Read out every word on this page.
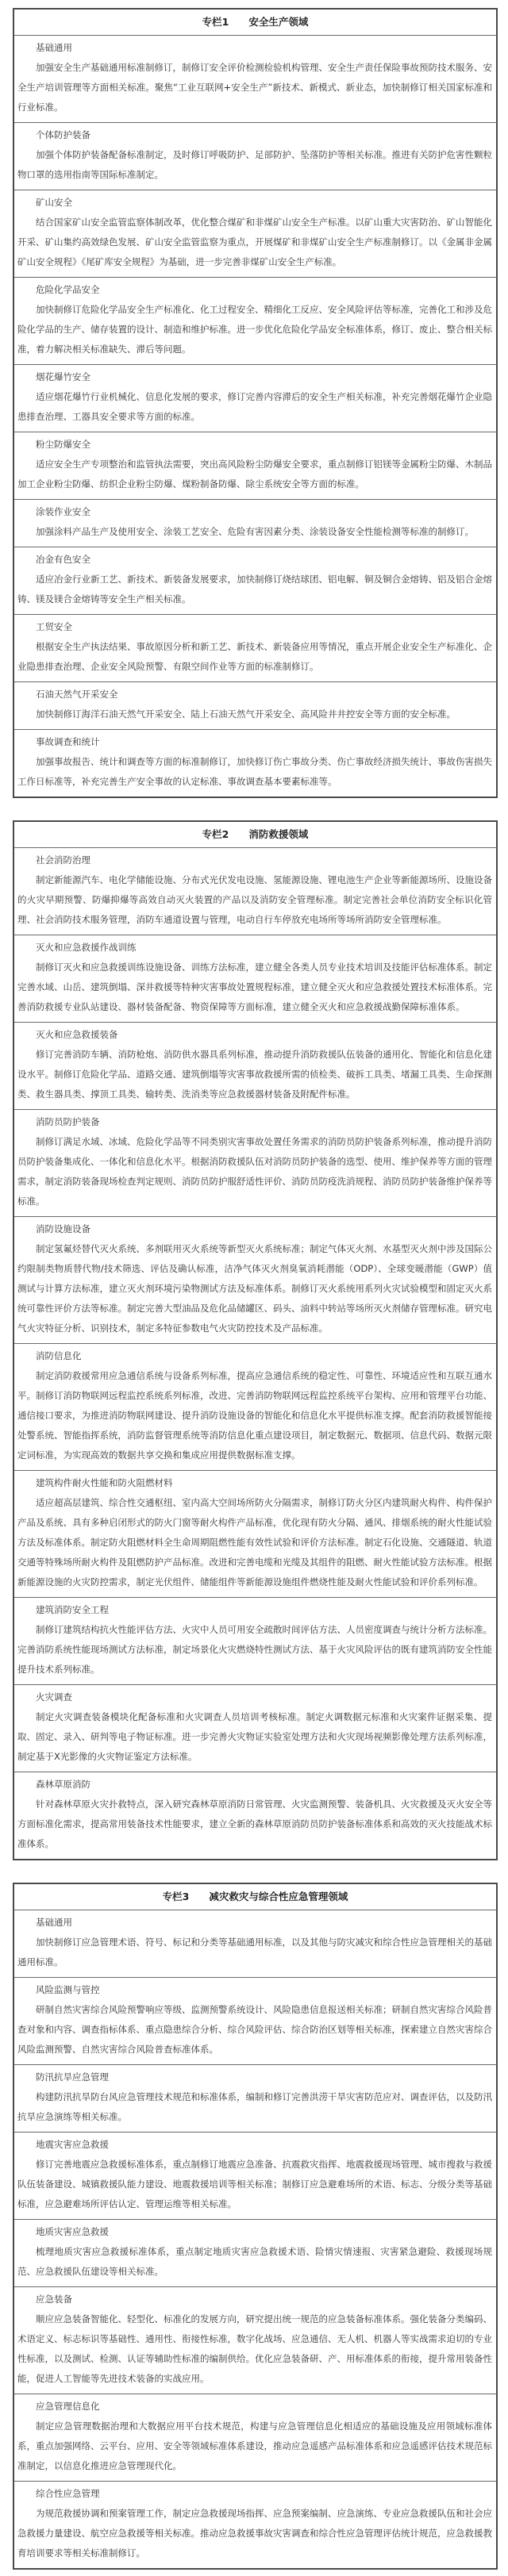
专栏1 安全生产领域
基础通用

加强安全生产基础通用标准制修订，制修订安全评价检测检验机构管理、安全生产责任保险事故预防技术服务、安全生产培训管理等方面相关标准。聚焦“工业互联网+安全生产”新技术、新模式、新业态，加快制修订相关国家标准和行业标准。

个体防护装备

加强个体防护装备配备标准制定，及时修订呼吸防护、足部防护、坠落防护等相关标准。推进有关防护危害性颗粒物口罩的选用指南等国际标准制定。

矿山安全

结合国家矿山安全监管监察体制改革，优化整合煤矿和非煤矿山安全生产标准。以矿山重大灾害防治、矿山智能化开采、矿山集约高效绿色发展、矿山安全监管监察为重点，开展煤矿和非煤矿山安全生产标准制修订。以《金属非金属矿山安全规程》《尾矿库安全规程》为基础，进一步完善非煤矿山安全生产标准。

危险化学品安全

加快制修订危险化学品安全生产标准化、化工过程安全、精细化工反应、安全风险评估等标准，完善化工和涉及危险化学品的生产、储存装置的设计、制造和维护标准。进一步优化危险化学品安全标准体系，修订、废止、整合相关标准，着力解决相关标准缺失、滞后等问题。

烟花爆竹安全

适应烟花爆竹行业机械化、信息化发展的要求，修订完善内容滞后的安全生产相关标准，补充完善烟花爆竹企业隐患排查治理、工器具安全要求等方面的标准。

粉尘防爆安全

适应安全生产专项整治和监管执法需要，突出高风险粉尘防爆安全要求，重点制修订铝镁等金属粉尘防爆、木制品加工企业粉尘防爆、纺织企业粉尘防爆、煤粉制备防爆、除尘系统安全等方面的标准。

涂装作业安全

加强涂料产品生产及使用安全、涂装工艺安全、危险有害因素分类、涂装设备安全性能检测等标准的制修订。

冶金有色安全

适应冶金行业新工艺、新技术、新装备发展要求，加快制修订烧结球团、铝电解、铜及铜合金熔铸、铝及铝合金熔铸、镁及镁合金熔铸等安全生产相关标准。

工贸安全

根据安全生产执法结果、事故原因分析和新工艺、新技术、新装备应用等情况，重点开展企业安全生产标准化、企业隐患排查治理、企业安全风险预警、有限空间作业等方面的标准制修订。

石油天然气开采安全

加快制修订海洋石油天然气开采安全、陆上石油天然气开采安全、高风险井井控安全等方面的安全标准。

事故调查和统计

加强事故报告、统计和调查等方面的标准制修订，加快修订伤亡事故分类、伤亡事故经济损失统计、事故伤害损失工作日标准等，补充完善生产安全事故的认定标准、事故调查基本要素标准等。

专栏2 消防救援领域
社会消防治理

制定新能源汽车、电化学储能设施、分布式光伏发电设施、氢能源设施、锂电池生产企业等新能源场所、设施设备的火灾早期预警、防爆抑爆等高效自动灭火装置的产品以及消防安全管理标准。制定完善社会单位消防安全标识化管理、社会消防技术服务管理，消防车通道设置与管理，电动自行车停放充电场所等场所消防安全管理标准。

灭火和应急救援作战训练

制修订灭火和应急救援训练设施设备、训练方法标准，建立健全各类人员专业技术培训及技能评估标准体系。制定完善水域、山岳、建筑倒塌、深井救援等特种灾害事故处置规程标准，建立健全灭火和应急救援处置技术标准体系。完善消防救援专业队站建设、器材装备配备、物资保障等方面标准，建立健全灭火和应急救援战勤保障标准体系。

灭火和应急救援装备

修订完善消防车辆、消防枪炮、消防供水器具系列标准，推动提升消防救援队伍装备的通用化、智能化和信息化建设水平。制修订危险化学品、道路交通、建筑倒塌等灾害事故救援所需的侦检类、破拆工具类、堵漏工具类、生命探测类、救生器具类、撑顶工具类、输转类、洗消类等应急救援器材装备及附配件标准。

消防员防护装备

制修订满足水域、冰域、危险化学品等不同类别灾害事故处置任务需求的消防员防护装备系列标准，推动提升消防员防护装备集成化、一体化和信息化水平。根据消防救援队伍对消防员防护装备的选型、使用、维护保养等方面的管理需求，制定消防装备现场检查判定规则、消防员防护服舒适性评价、消防员防疫洗消规程、消防员防护装备维护保养等标准。

消防设施设备

制定氢氟烃替代灭火系统、多剂联用灭火系统等新型灭火系统标准；制定气体灭火剂、水基型灭火剂中涉及国际公约限制类物质替代物/技术筛选、评估及确认标准，洁净气体灭火剂臭氧消耗潜能（ODP）、全球变暖潜能（GWP）值测试与计算方法标准，建立灭火剂环境污染物测试方法及标准体系。制修订灭火系统用系列火灾试验模型和固定灭火系统可靠性评价方法等标准。制定完善大型油品及危化品储罐区、码头、油料中转站等场所灭火剂储存管理标准。研究电气火灾特征分析、识别技术，制定多特征参数电气火灾防控技术及产品标准。

消防信息化

制定消防救援常用应急通信系统与设备系列标准，提高应急通信系统的稳定性、可靠性、环境适应性和互联互通水平。制修订消防物联网远程监控系统系列标准，改进、完善消防物联网远程监控系统平台架构、应用和管理平台功能、通信接口要求，为推进消防物联网建设、提升消防设施设备的智能化和信息化水平提供标准支撑。配套消防救援智能接处警系统、智能指挥系统，消防监督管理系统等消防信息化重点建设项目，制定数据元、数据项、信息代码、数据元限定词标准，为实现高效的数据共享交换和集成应用提供数据标准支撑。

建筑构件耐火性能和防火阻燃材料

适应超高层建筑、综合性交通枢纽、室内高大空间场所防火分隔需求，制修订防火分区内建筑耐火构件、构件保护产品及系统、具有多种启闭形式的防火门窗等耐火构件产品标准，优化现有防火分隔、通风、排烟系统的耐火性能试验方法及标准体系。制定防火阻燃材料全生命周期阻燃性能有效性试验和评价方法标准。制定石化设施、交通隧道、轨道交通等特殊场所耐火构件及阻燃防护产品标准。改进和完善电缆和光缆及其组件的阻燃、耐火性能试验方法标准。根据新能源设施的火灾防控需求，制定光伏组件、储能组件等新能源设施组件燃烧性能及耐火性能试验和评价系列标准。

建筑消防安全工程

制修订建筑结构抗火性能评估方法、火灾中人员可用安全疏散时间评估方法、人员密度调查与统计分析方法标准。完善消防系统性能现场测试方法标准，制定场景化火灾燃烧特性测试方法、基于火灾风险评估的既有建筑消防安全性能提升技术系列标准。

火灾调查

制定火灾调查装备模块化配备标准和火灾调查人员培训考核标准。制定火调数据元标准和火灾案件证据采集、提取、固定、录入、研判等电子物证标准。进一步完善火灾物证实验室处理方法和火灾现场视频影像处理方法系列标准，制定基于X光影像的火灾物证鉴定方法标准。

森林草原消防

针对森林草原火灾扑救特点，深入研究森林草原消防日常管理、火灾监测预警、装备机具、火灾救援及灭火安全等方面标准化需求，提高常用装备技术性能要求，建立全新的森林草原消防员防护装备标准体系和高效的灭火技能战术标准体系。

专栏3 减灾救灾与综合性应急管理领域
基础通用

加快制修订应急管理术语、符号、标记和分类等基础通用标准，以及其他与防灾减灾和综合性应急管理相关的基础通用标准。

风险监测与管控

研制自然灾害综合风险预警响应等级、监测预警系统设计、风险隐患信息报送相关标准；研制自然灾害综合风险普查对象和内容、调查指标体系、重点隐患综合分析、综合风险评估、综合防治区划等相关标准，探索建立自然灾害综合风险监测预警、自然灾害综合风险普查标准体系。

防汛抗旱应急管理

构建防汛抗旱防台风应急管理技术规范和标准体系，编制和修订完善洪涝干旱灾害防范应对、调查评估，以及防汛抗旱应急演练等相关标准。

地震灾害应急救援

修订完善地震应急救援标准体系，重点制修订地震应急准备、抗震救灾指挥、地震救援现场管理、城市搜救与救援队伍装备建设、城镇救援队能力建设、地震救援培训等相关标准；制修订应急避难场所的术语、标志、分级分类等基础标准，应急避难场所评估认定、管理运维等相关标准。

地质灾害应急救援

梳理地质灾害应急救援标准体系，重点制定地质灾害应急救援术语、险情灾情速报、灾害紧急避险、救援现场规范、应急救援队伍建设等相关标准。

应急装备

顺应应急装备智能化、轻型化、标准化的发展方向，研究提出统一规范的应急装备标准体系。强化装备分类编码、术语定义、标志标识等基础性、通用性、衔接性标准，数字化战场、应急通信、无人机、机器人等实战需求迫切的专业性标准，以及测试、检测、认证等辅助性标准的编制供给。优化应急装备研、产、用标准体系的衔接，提升常用装备性能，促进人工智能等先进技术装备的实战应用。

应急管理信息化

制定应急管理数据治理和大数据应用平台技术规范，构建与应急管理信息化相适应的基础设施及应用领域标准体系，重点加强网络、云平台、应用、安全等领域标准体系建设，推动应急遥感产品标准体系和应急遥感评估技术规范标准制定，以信息化推进应急管理现代化。

综合性应急管理

为规范救援协调和预案管理工作，制定应急救援现场指挥、应急预案编制、应急演练、专业应急救援队伍和社会应急救援力量建设、航空应急救援等相关标准。推动应急救援事故灾害调查和综合性应急管理评估统计规范，应急救援教育培训要求等相关标准制修订。
